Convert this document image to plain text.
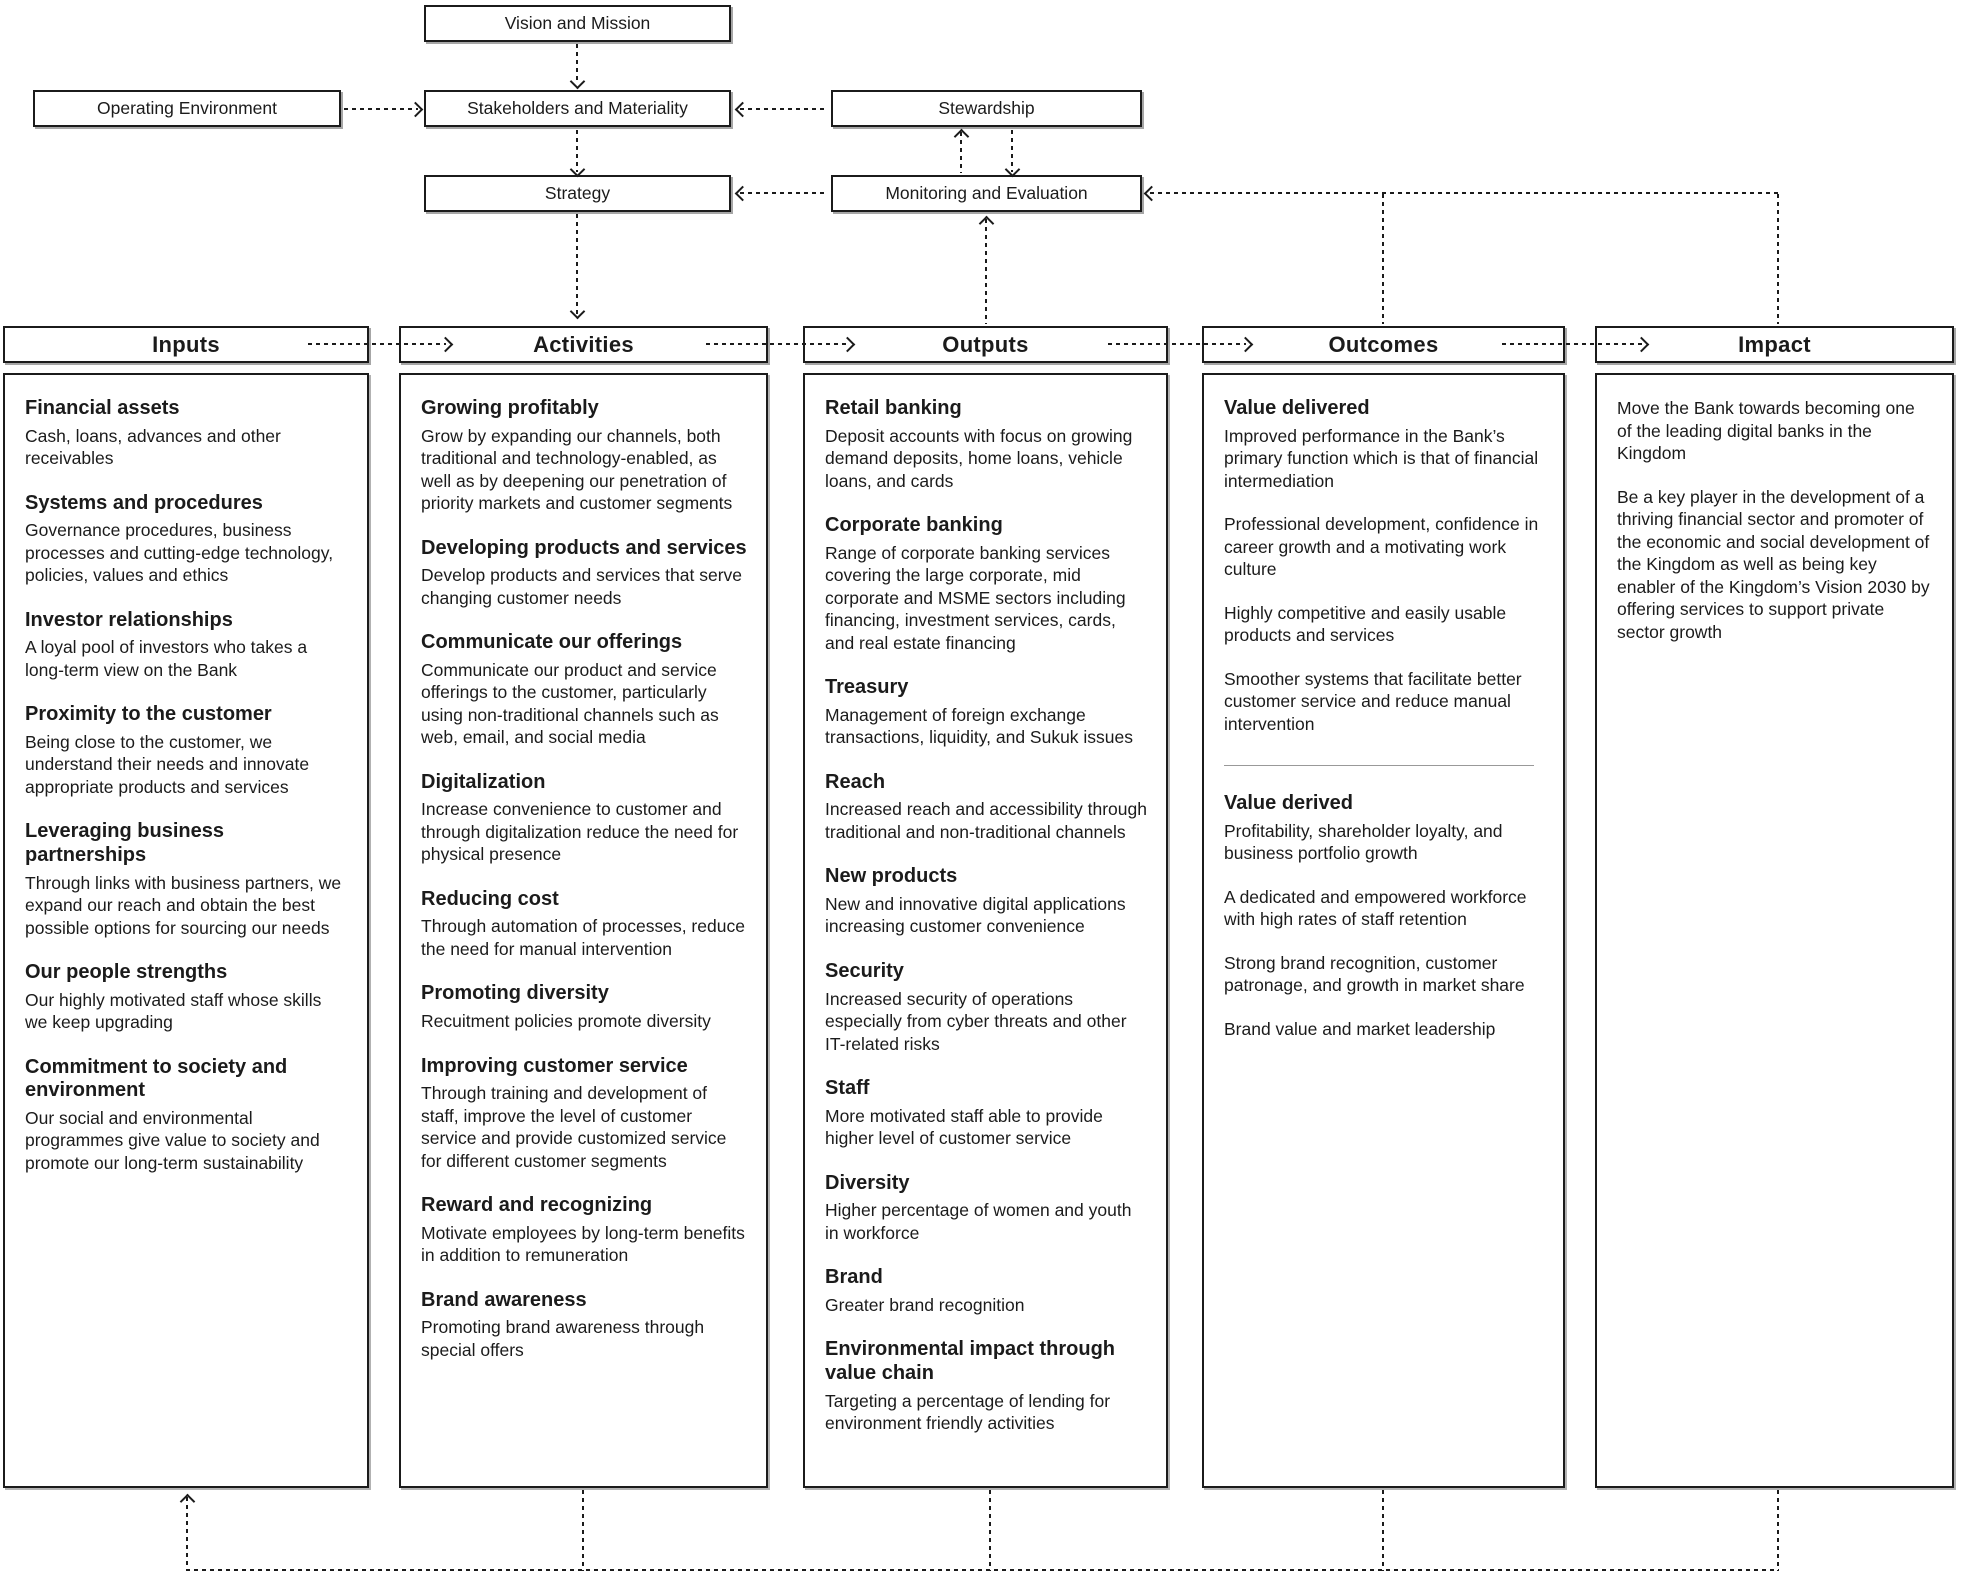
Vision and Mission
Operating Environment	Stakeholders and Materiality	Stewardship
Strategy	Monitoring and Evaluation
Inputs	Activities	Outputs	Outcomes	Impact
Financial assets

Cash, loans, advances and other receivables

Systems and procedures

Governance procedures, business processes and cutting-edge technology, policies, values and ethics

Investor relationships

A loyal pool of investors who takes a long-term view on the Bank

Proximity to the customer

Being close to the customer, we understand their needs and innovate appropriate products and services

Leveraging business partnerships

Through links with business partners, we expand our reach and obtain the best possible options for sourcing our needs

Our people strengths

Our highly motivated staff whose skills we keep upgrading

Commitment to society and environment

Our social and environmental programmes give value to society and promote our long-term sustainability

Growing profitably

Grow by expanding our channels, both traditional and technology-enabled, as well as by deepening our penetration of priority markets and customer segments

Developing products and services

Develop products and services that serve changing customer needs

Communicate our offerings

Communicate our product and service offerings to the customer, particularly using non-traditional channels such as web, email, and social media

Digitalization

Increase convenience to customer and through digitalization reduce the need for physical presence

Reducing cost

Through automation of processes, reduce the need for manual intervention

Promoting diversity

Recuitment policies promote diversity

Improving customer service

Through training and development of staff, improve the level of customer service and provide customized service for different customer segments

Reward and recognizing

Motivate employees by long-term benefits in addition to remuneration

Brand awareness

Promoting brand awareness through special offers

Retail banking

Deposit accounts with focus on growing demand deposits, home loans, vehicle loans, and cards

Corporate banking

Range of corporate banking services covering the large corporate, mid corporate and MSME sectors including financing, investment services, cards, and real estate financing

Treasury

Management of foreign exchange transactions, liquidity, and Sukuk issues

Reach

Increased reach and accessibility through traditional and non-traditional channels

New products

New and innovative digital applications increasing customer convenience

Security

Increased security of operations especially from cyber threats and other IT-related risks

Staff

More motivated staff able to provide higher level of customer service

Diversity

Higher percentage of women and youth in workforce

Brand

Greater brand recognition

Environmental impact through value chain

Targeting a percentage of lending for environment friendly activities

Value delivered

Improved performance in the Bank’s primary function which is that of financial intermediation

Professional development, confidence in career growth and a motivating work culture

Highly competitive and easily usable products and services

Smoother systems that facilitate better customer service and reduce manual intervention

Value derived

Profitability, shareholder loyalty, and business portfolio growth

A dedicated and empowered workforce with high rates of staff retention

Strong brand recognition, customer patronage, and growth in market share

Brand value and market leadership

Move the Bank towards becoming one of the leading digital banks in the Kingdom

Be a key player in the development of a thriving financial sector and promoter of the economic and social development of the Kingdom as well as being key enabler of the Kingdom’s Vision 2030 by offering services to support private sector growth
